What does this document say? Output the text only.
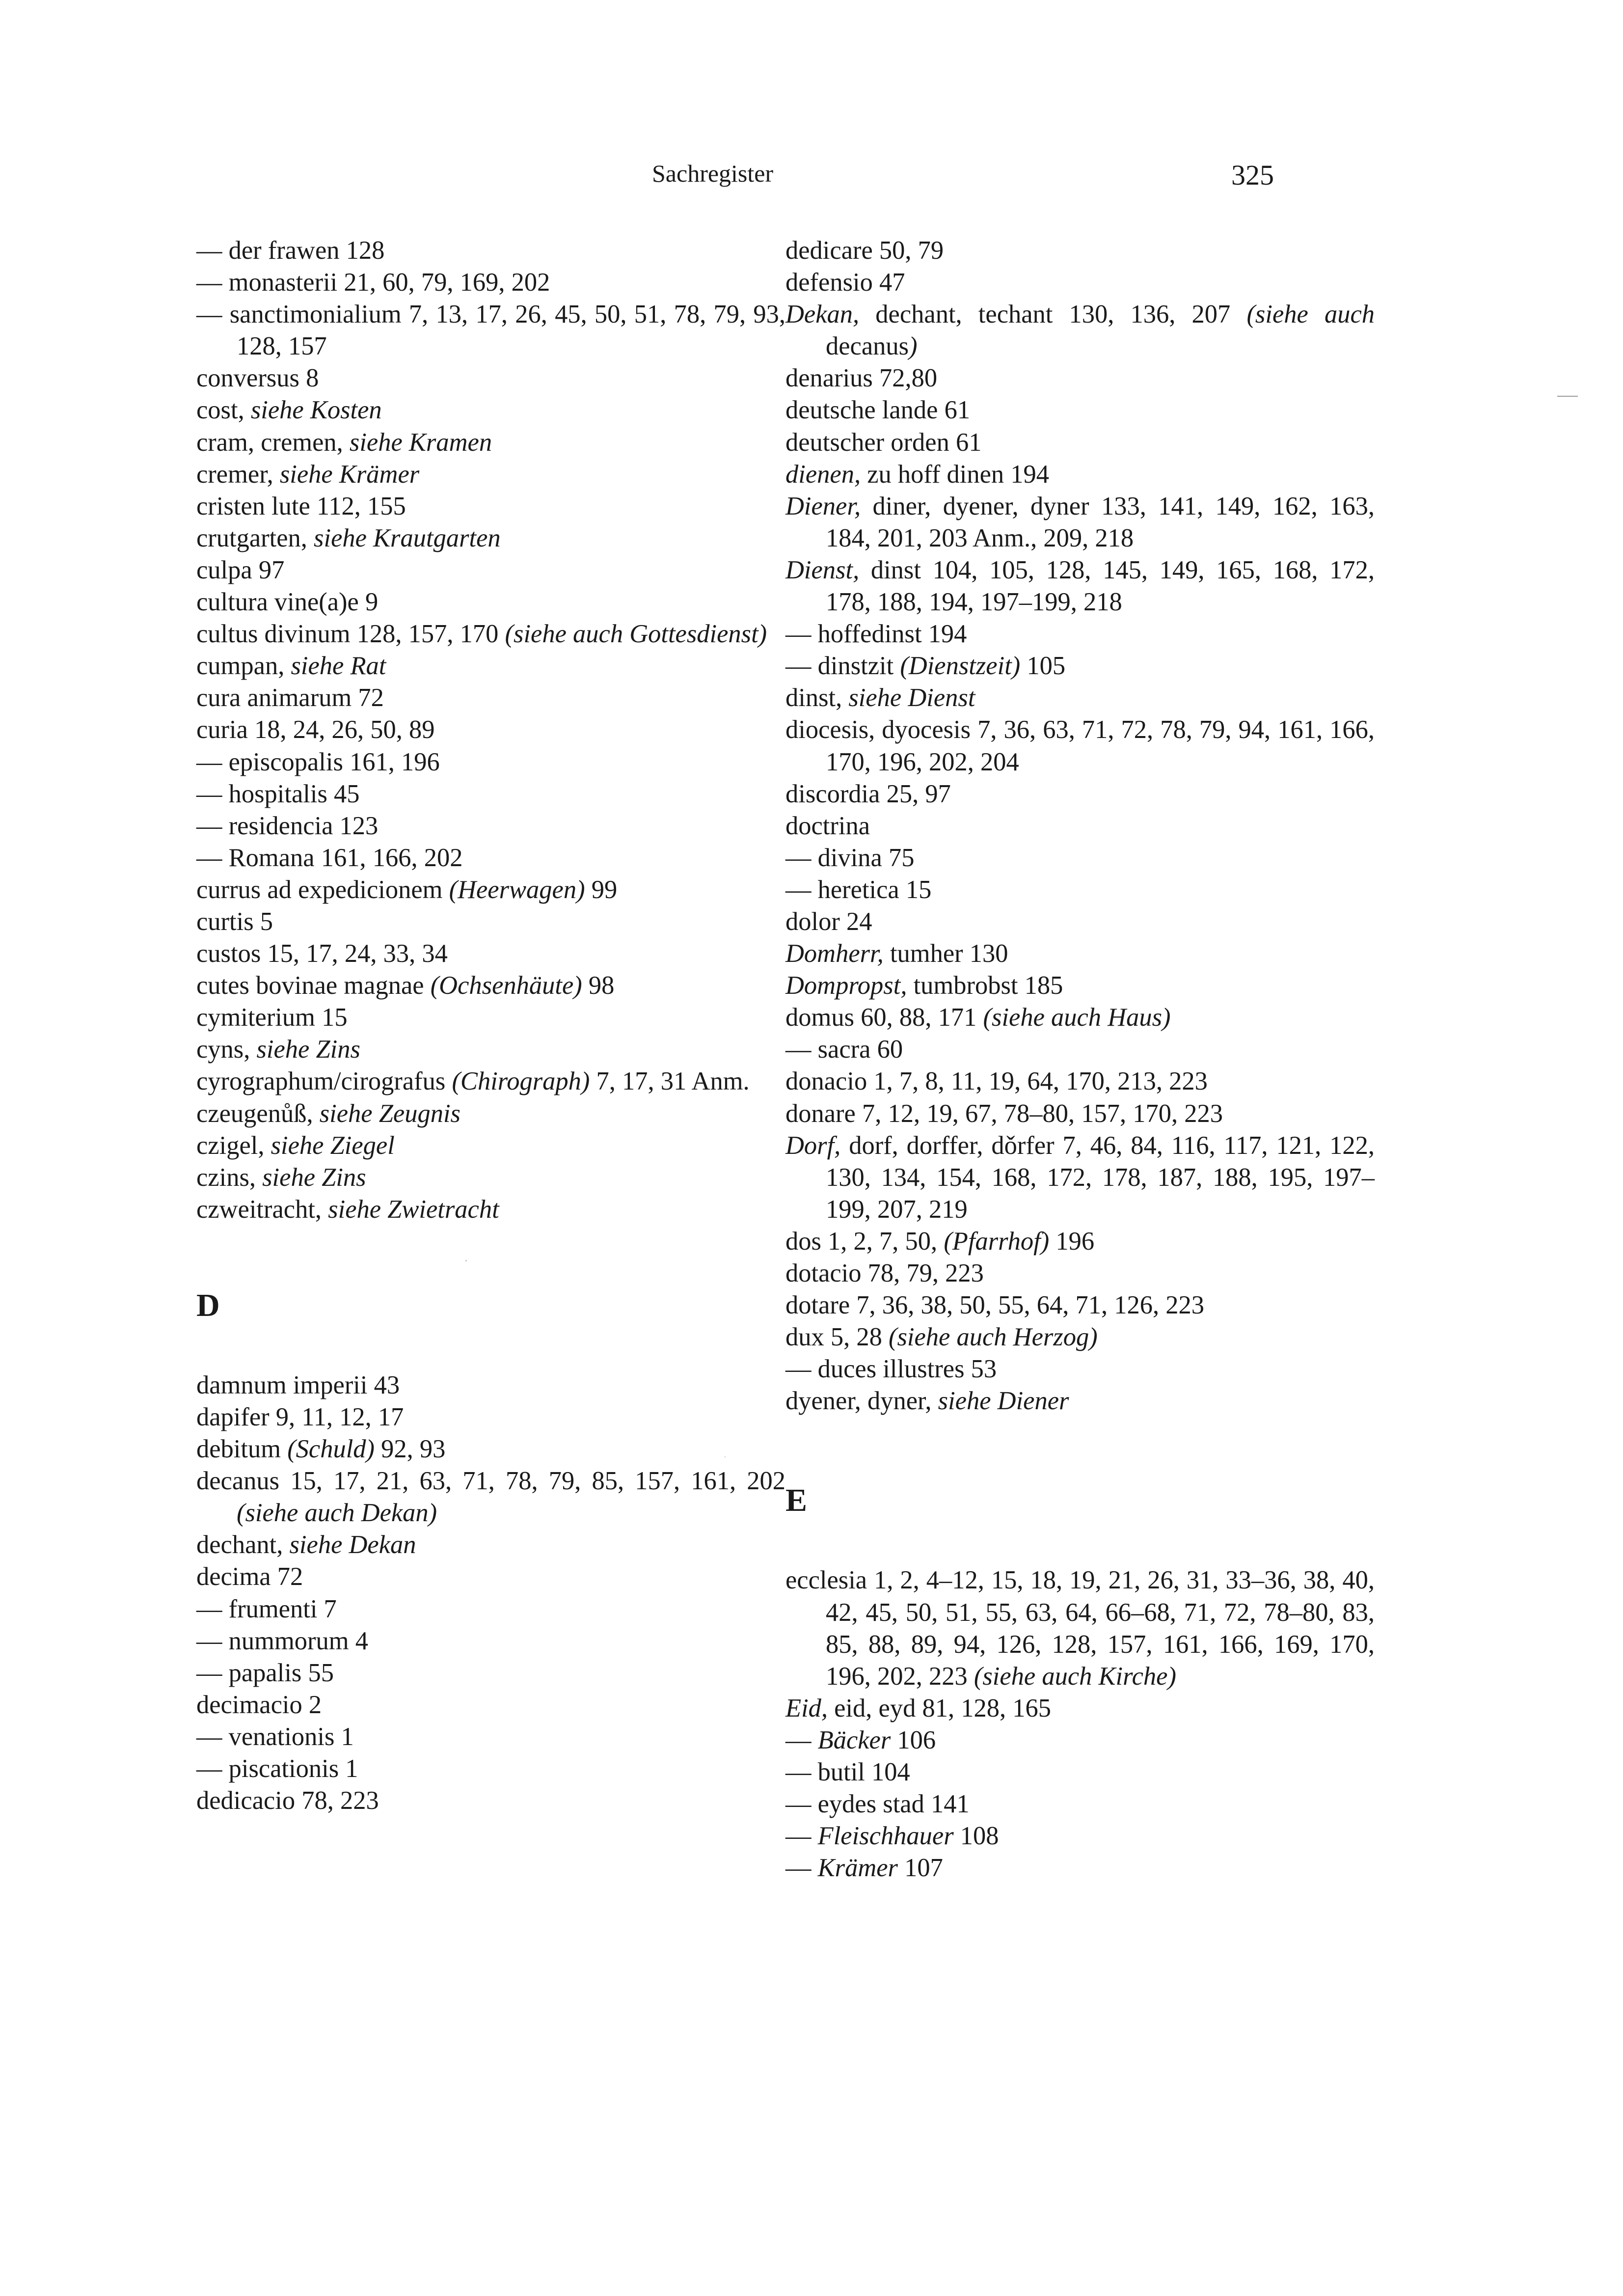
Sachregister	325
— der frawen 128
— monasterii 21, 60, 79, 169, 202
— sanctimonialium 7, 13, 17, 26, 45, 50, 51, 78, 79, 93, 128, 157
conversus 8
cost, siehe Kosten
cram, cremen, siehe Kramen
cremer, siehe Krämer
cristen lute 112, 155
crutgarten, siehe Krautgarten
culpa 97
cultura vine(a)e 9
cultus divinum 128, 157, 170 (siehe auch Gottesdienst)
cumpan, siehe Rat
cura animarum 72
curia 18, 24, 26, 50, 89
— episcopalis 161, 196
— hospitalis 45
— residencia 123
— Romana 161, 166, 202
currus ad expedicionem (Heerwagen) 99
curtis 5
custos 15, 17, 24, 33, 34
cutes bovinae magnae (Ochsenhäute) 98
cymiterium 15
cyns, siehe Zins
cyrographum/cirografus (Chirograph) 7, 17, 31 Anm.
czeugenůß, siehe Zeugnis
czigel, siehe Ziegel
czins, siehe Zins
czweitracht, siehe Zwietracht
D
damnum imperii 43
dapifer 9, 11, 12, 17
debitum (Schuld) 92, 93
decanus 15, 17, 21, 63, 71, 78, 79, 85, 157, 161, 202 (siehe auch Dekan)
dechant, siehe Dekan
decima 72
— frumenti 7
— nummorum 4
— papalis 55
decimacio 2
— venationis 1
— piscationis 1
dedicacio 78, 223
dedicare 50, 79
defensio 47
Dekan, dechant, techant 130, 136, 207 (siehe auch decanus)
denarius 72,80
deutsche lande 61
deutscher orden 61
dienen, zu hoff dinen 194
Diener, diner, dyener, dyner 133, 141, 149, 162, 163, 184, 201, 203 Anm., 209, 218
Dienst, dinst 104, 105, 128, 145, 149, 165, 168, 172, 178, 188, 194, 197–199, 218
— hoffedinst 194
— dinstzit (Dienstzeit) 105
dinst, siehe Dienst
diocesis, dyocesis 7, 36, 63, 71, 72, 78, 79, 94, 161, 166, 170, 196, 202, 204
discordia 25, 97
doctrina
— divina 75
— heretica 15
dolor 24
Domherr, tumher 130
Dompropst, tumbrobst 185
domus 60, 88, 171 (siehe auch Haus)
— sacra 60
donacio 1, 7, 8, 11, 19, 64, 170, 213, 223
donare 7, 12, 19, 67, 78–80, 157, 170, 223
Dorf, dorf, dorffer, dǒrfer 7, 46, 84, 116, 117, 121, 122, 130, 134, 154, 168, 172, 178, 187, 188, 195, 197–199, 207, 219
dos 1, 2, 7, 50, (Pfarrhof) 196
dotacio 78, 79, 223
dotare 7, 36, 38, 50, 55, 64, 71, 126, 223
dux 5, 28 (siehe auch Herzog)
— duces illustres 53
dyener, dyner, siehe Diener
E
ecclesia 1, 2, 4–12, 15, 18, 19, 21, 26, 31, 33–36, 38, 40, 42, 45, 50, 51, 55, 63, 64, 66–68, 71, 72, 78–80, 83, 85, 88, 89, 94, 126, 128, 157, 161, 166, 169, 170, 196, 202, 223 (siehe auch Kirche)
Eid, eid, eyd 81, 128, 165
— Bäcker 106
— butil 104
— eydes stad 141
— Fleischhauer 108
— Krämer 107
